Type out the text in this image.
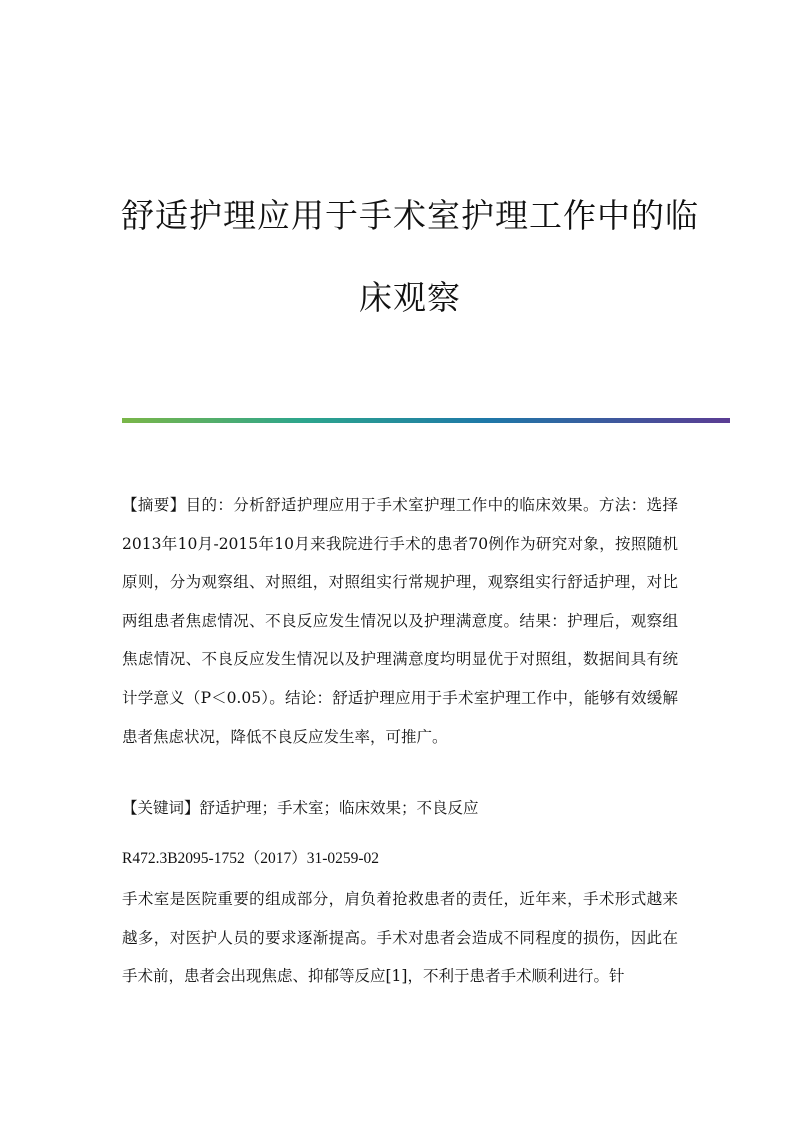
舒适护理应用于手术室护理工作中的临
床观察

【摘要】目的：分析舒适护理应用于手术室护理工作中的临床效果。方法：选择2013年10月-2015年10月来我院进行手术的患者70例作为研究对象，按照随机原则，分为观察组、对照组，对照组实行常规护理，观察组实行舒适护理，对比两组患者焦虑情况、不良反应发生情况以及护理满意度。结果：护理后，观察组焦虑情况、不良反应发生情况以及护理满意度均明显优于对照组，数据间具有统计学意义（P＜0.05）。结论：舒适护理应用于手术室护理工作中，能够有效缓解患者焦虑状况，降低不良反应发生率，可推广。

【关键词】舒适护理；手术室；临床效果；不良反应

R472.3B2095-1752（2017）31-0259-02

手术室是医院重要的组成部分，肩负着抢救患者的责任，近年来，手术形式越来越多，对医护人员的要求逐渐提高。手术对患者会造成不同程度的损伤，因此在手术前，患者会出现焦虑、抑郁等反应[1]，不利于患者手术顺利进行。针
